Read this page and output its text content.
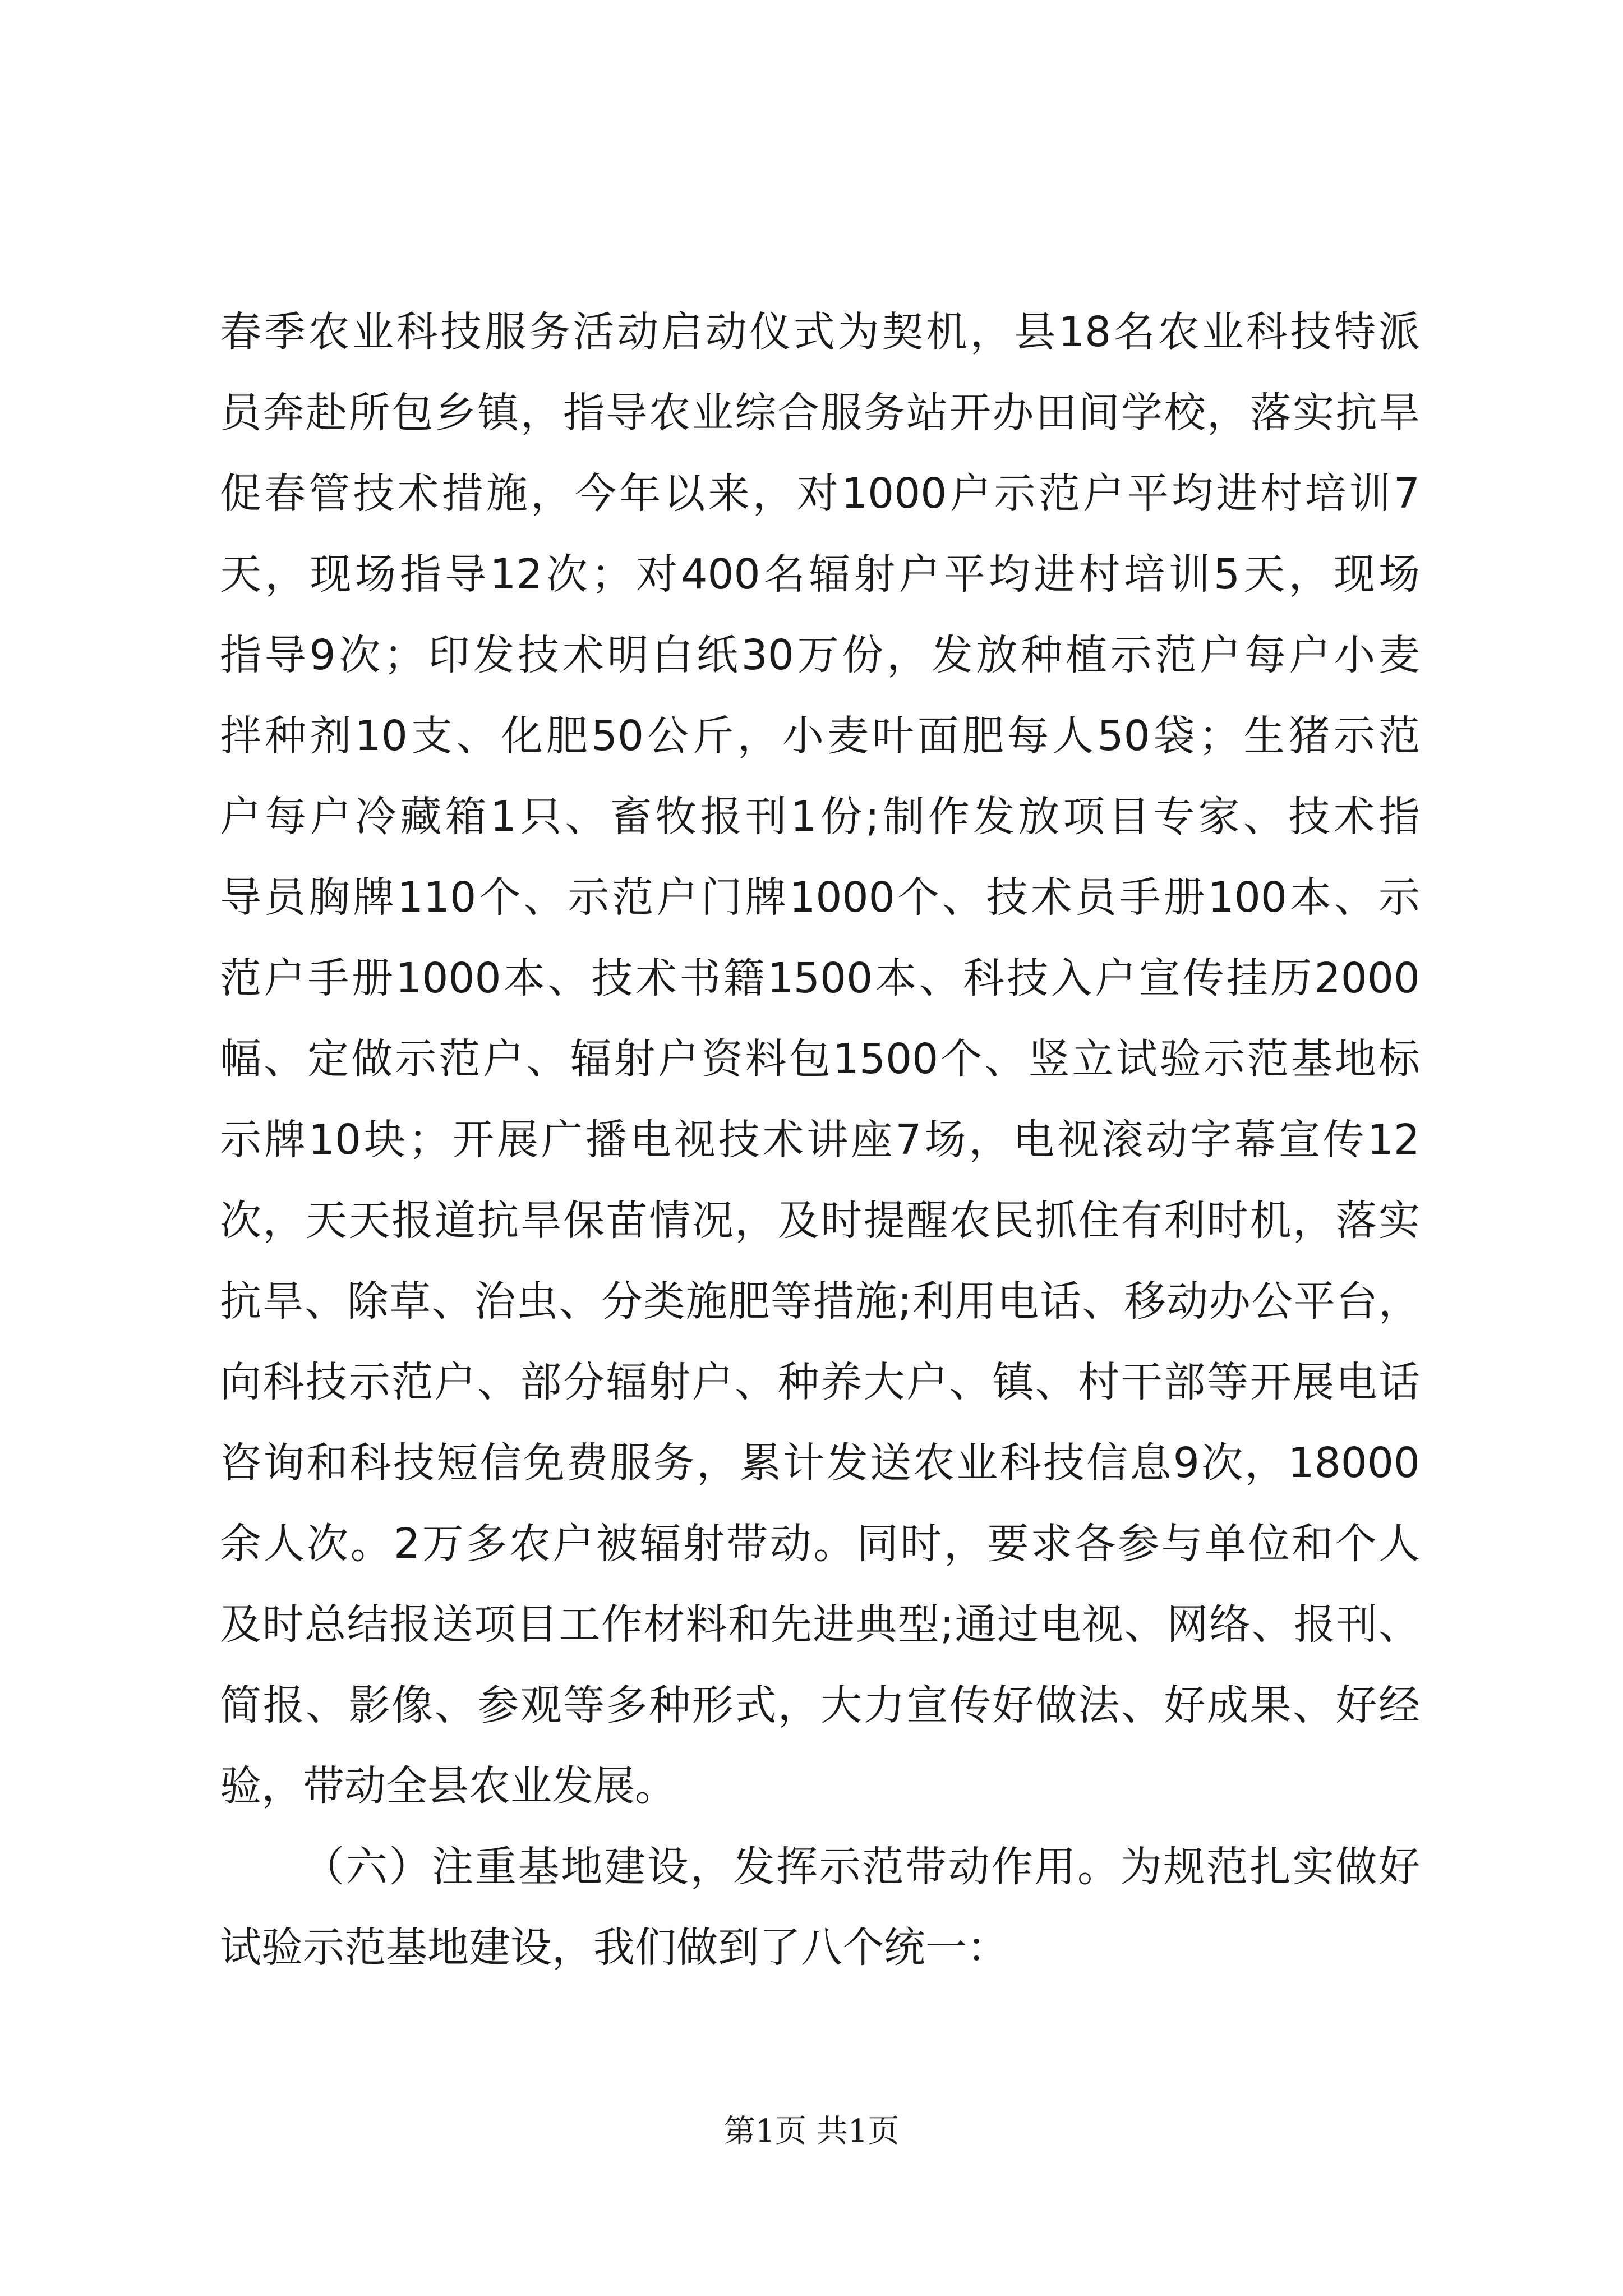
春季农业科技服务活动启动仪式为契机，县18名农业科技特派
员奔赴所包乡镇，指导农业综合服务站开办田间学校，落实抗旱
促春管技术措施，今年以来，对1000户示范户平均进村培训7
天，现场指导12次；对400名辐射户平均进村培训5天，现场
指导9次；印发技术明白纸30万份，发放种植示范户每户小麦
拌种剂10支、化肥50公斤，小麦叶面肥每人50袋；生猪示范
户每户冷藏箱1只、畜牧报刊1份;制作发放项目专家、技术指
导员胸牌110个、示范户门牌1000个、技术员手册100本、示
范户手册1000本、技术书籍1500本、科技入户宣传挂历2000
幅、定做示范户、辐射户资料包1500个、竖立试验示范基地标
示牌10块；开展广播电视技术讲座7场，电视滚动字幕宣传12
次，天天报道抗旱保苗情况，及时提醒农民抓住有利时机，落实
抗旱、除草、治虫、分类施肥等措施;利用电话、移动办公平台，
向科技示范户、部分辐射户、种养大户、镇、村干部等开展电话
咨询和科技短信免费服务，累计发送农业科技信息9次，18000
余人次。2万多农户被辐射带动。同时，要求各参与单位和个人
及时总结报送项目工作材料和先进典型;通过电视、网络、报刊、
简报、影像、参观等多种形式，大力宣传好做法、好成果、好经
验，带动全县农业发展。
（六）注重基地建设，发挥示范带动作用。为规范扎实做好
试验示范基地建设，我们做到了八个统一：
第1页 共1页
